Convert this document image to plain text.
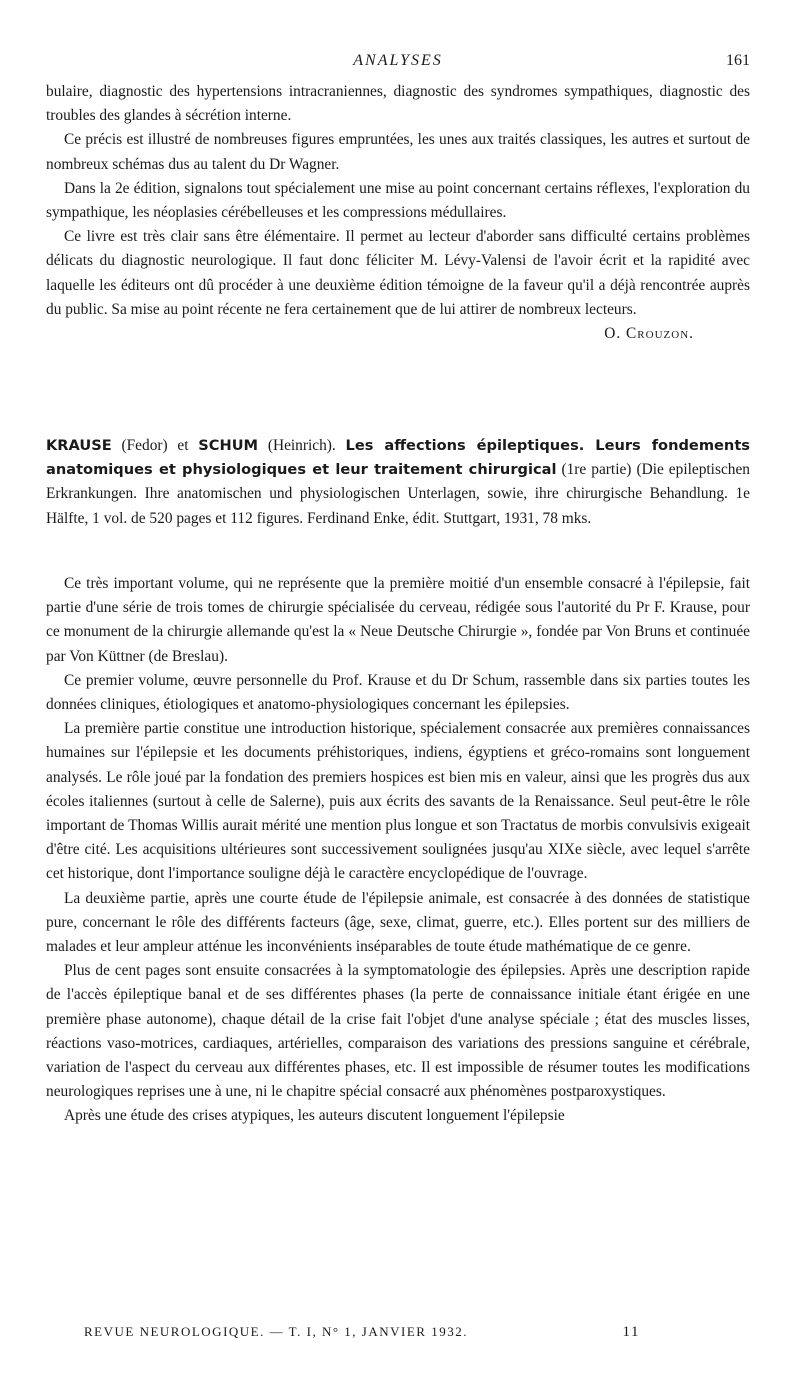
ANALYSES	161

bulaire, diagnostic des hypertensions intracraniennes, diagnostic des syndromes sympathiques, diagnostic des troubles des glandes à sécrétion interne.

Ce précis est illustré de nombreuses figures empruntées, les unes aux traités classiques, les autres et surtout de nombreux schémas dus au talent du Dr Wagner.

Dans la 2e édition, signalons tout spécialement une mise au point concernant certains réflexes, l'exploration du sympathique, les néoplasies cérébelleuses et les compressions médullaires.

Ce livre est très clair sans être élémentaire. Il permet au lecteur d'aborder sans difficulté certains problèmes délicats du diagnostic neurologique. Il faut donc féliciter M. Lévy-Valensi de l'avoir écrit et la rapidité avec laquelle les éditeurs ont dû procéder à une deuxième édition témoigne de la faveur qu'il a déjà rencontrée auprès du public. Sa mise au point récente ne fera certainement que de lui attirer de nombreux lecteurs.

O. Crouzon.

KRAUSE (Fedor) et SCHUM (Heinrich). Les affections épileptiques. Leurs fondements anatomiques et physiologiques et leur traitement chirurgical (1re partie) (Die epileptischen Erkrankungen. Ihre anatomischen und physiologischen Unterlagen, sowie, ihre chirurgische Behandlung. 1e Hälfte, 1 vol. de 520 pages et 112 figures. Ferdinand Enke, édit. Stuttgart, 1931, 78 mks.

Ce très important volume, qui ne représente que la première moitié d'un ensemble consacré à l'épilepsie, fait partie d'une série de trois tomes de chirurgie spécialisée du cerveau, rédigée sous l'autorité du Pr F. Krause, pour ce monument de la chirurgie allemande qu'est la « Neue Deutsche Chirurgie », fondée par Von Bruns et continuée par Von Küttner (de Breslau).

Ce premier volume, œuvre personnelle du Prof. Krause et du Dr Schum, rassemble dans six parties toutes les données cliniques, étiologiques et anatomo-physiologiques concernant les épilepsies.

La première partie constitue une introduction historique, spécialement consacrée aux premières connaissances humaines sur l'épilepsie et les documents préhistoriques, indiens, égyptiens et gréco-romains sont longuement analysés. Le rôle joué par la fondation des premiers hospices est bien mis en valeur, ainsi que les progrès dus aux écoles italiennes (surtout à celle de Salerne), puis aux écrits des savants de la Renaissance. Seul peut-être le rôle important de Thomas Willis aurait mérité une mention plus longue et son Tractatus de morbis convulsivis exigeait d'être cité. Les acquisitions ultérieures sont successivement soulignées jusqu'au XIXe siècle, avec lequel s'arrête cet historique, dont l'importance souligne déjà le caractère encyclopédique de l'ouvrage.

La deuxième partie, après une courte étude de l'épilepsie animale, est consacrée à des données de statistique pure, concernant le rôle des différents facteurs (âge, sexe, climat, guerre, etc.). Elles portent sur des milliers de malades et leur ampleur atténue les inconvénients inséparables de toute étude mathématique de ce genre.

Plus de cent pages sont ensuite consacrées à la symptomatologie des épilepsies. Après une description rapide de l'accès épileptique banal et de ses différentes phases (la perte de connaissance initiale étant érigée en une première phase autonome), chaque détail de la crise fait l'objet d'une analyse spéciale ; état des muscles lisses, réactions vaso-motrices, cardiaques, artérielles, comparaison des variations des pressions sanguine et cérébrale, variation de l'aspect du cerveau aux différentes phases, etc. Il est impossible de résumer toutes les modifications neurologiques reprises une à une, ni le chapitre spécial consacré aux phénomènes postparoxystiques.

Après une étude des crises atypiques, les auteurs discutent longuement l'épilepsie

REVUE NEUROLOGIQUE. — T. I, N° 1, JANVIER 1932.	11
